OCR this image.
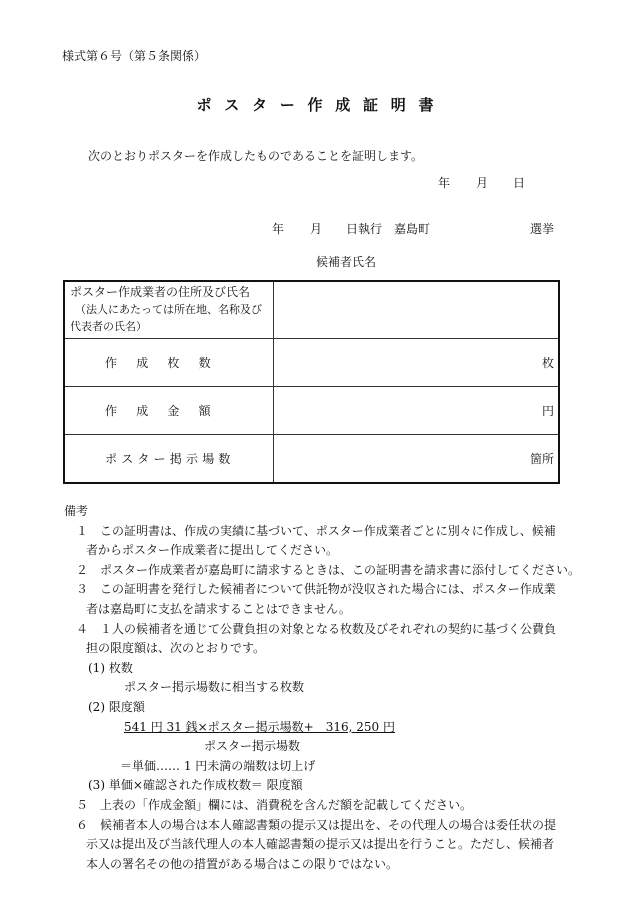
様式第６号（第５条関係）
ポスター作成証明書
次のとおりポスターを作成したものであることを証明します。
年 月 日
年 月 日執行 嘉島町	選挙
候補者氏名
ポスター作成業者の住所及び氏名
（法人にあたっては所在地、名称及び
代表者の氏名）	

作成枚数	枚
作成金額	円
ポスター掲示場数	箇所
備考
１　この証明書は、作成の実績に基づいて、ポスター作成業者ごとに別々に作成し、候補
者からポスター作成業者に提出してください。
２　ポスター作成業者が嘉島町に請求するときは、この証明書を請求書に添付してください。
３　この証明書を発行した候補者について供託物が没収された場合には、ポスター作成業
者は嘉島町に支払を請求することはできません。
４　１人の候補者を通じて公費負担の対象となる枚数及びそれぞれの契約に基づく公費負
担の限度額は、次のとおりです。
(1) 枚数
ポスター掲示場数に相当する枚数
(2) 限度額
541 円 31 銭×ポスター掲示場数+　316, 250 円
ポスター掲示場数
＝単価…… 1 円未満の端数は切上げ
(3) 単価×確認された作成枚数＝ 限度額
５　上表の「作成金額」欄には、消費税を含んだ額を記載してください。
６　候補者本人の場合は本人確認書類の提示又は提出を、その代理人の場合は委任状の提
示又は提出及び当該代理人の本人確認書類の提示又は提出を行うこと。ただし、候補者
本人の署名その他の措置がある場合はこの限りではない。
